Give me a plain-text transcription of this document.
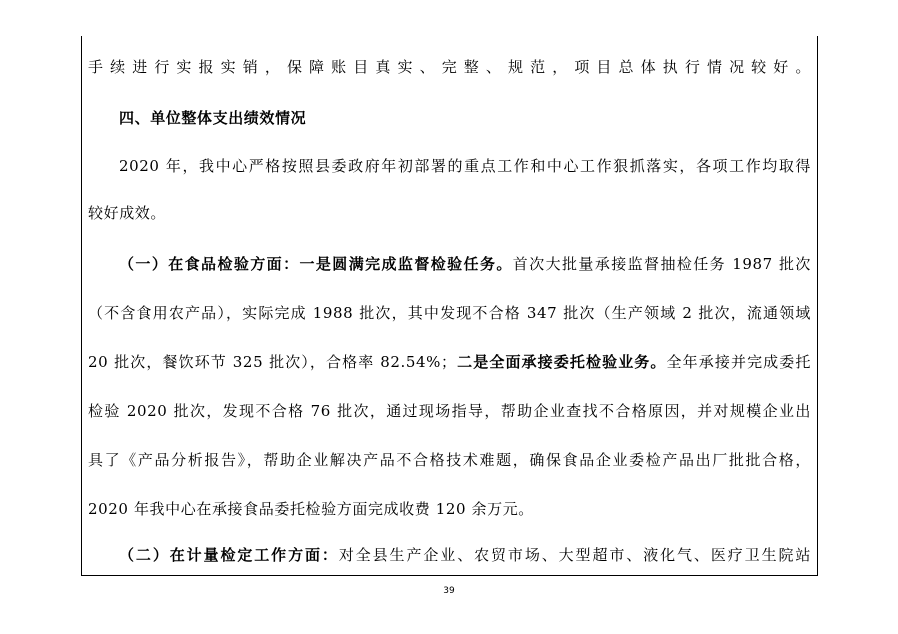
手续进行实报实销，保障账目真实、完整、规范，项目总体执行情况较好。
四、单位整体支出绩效情况
2020 年，我中心严格按照县委政府年初部署的重点工作和中心工作狠抓落实，各项工作均取得
较好成效。
（一）在食品检验方面：一是圆满完成监督检验任务。首次大批量承接监督抽检任务 1987 批次
（不含食用农产品），实际完成 1988 批次，其中发现不合格 347 批次（生产领域 2 批次，流通领域
20 批次，餐饮环节 325 批次），合格率 82.54%；二是全面承接委托检验业务。全年承接并完成委托
检验 2020 批次，发现不合格 76 批次，通过现场指导，帮助企业查找不合格原因，并对规模企业出
具了《产品分析报告》，帮助企业解决产品不合格技术难题，确保食品企业委检产品出厂批批合格，
2020 年我中心在承接食品委托检验方面完成收费 120 余万元。
（二）在计量检定工作方面：对全县生产企业、农贸市场、大型超市、液化气、医疗卫生院站
39
